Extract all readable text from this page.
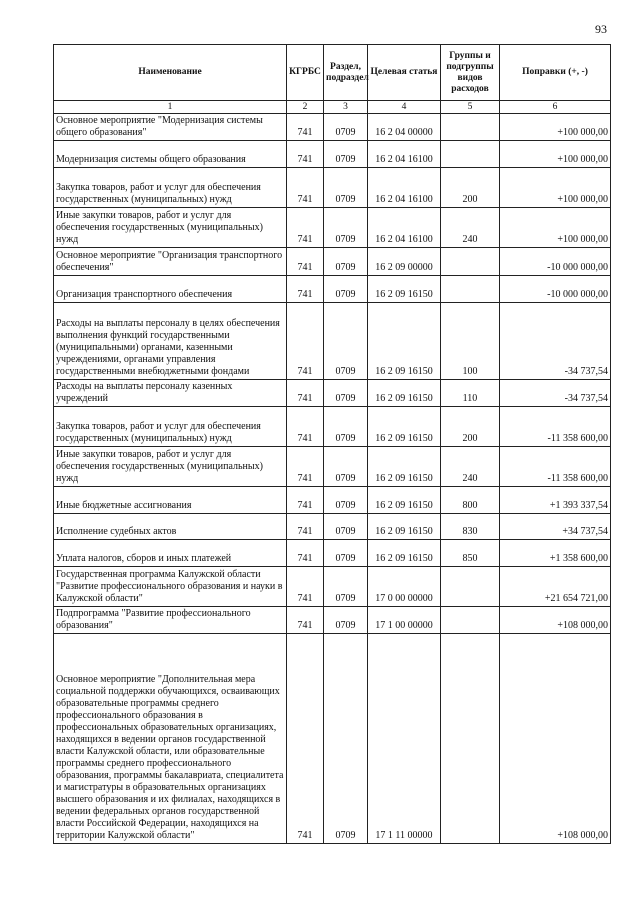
93
Наименование	КГРБС	Раздел, подраздел	Целевая статья	Группы и подгруппы видов расходов	Поправки (+, -)
1	2	3	4	5	6
Основное мероприятие "Модернизация системы общего образования"	741	0709	16 2 04 00000		+100 000,00
Модернизация системы общего образования	741	0709	16 2 04 16100		+100 000,00
Закупка товаров, работ и услуг для обеспечения государственных (муниципальных) нужд	741	0709	16 2 04 16100	200	+100 000,00
Иные закупки товаров, работ и услуг для обеспечения государственных (муниципальных) нужд	741	0709	16 2 04 16100	240	+100 000,00
Основное мероприятие "Организация транспортного обеспечения"	741	0709	16 2 09 00000		-10 000 000,00
Организация транспортного обеспечения	741	0709	16 2 09 16150		-10 000 000,00
Расходы на выплаты персоналу в целях обеспечения выполнения функций государственными (муниципальными) органами, казенными учреждениями, органами управления государственными внебюджетными фондами	741	0709	16 2 09 16150	100	-34 737,54
Расходы на выплаты персоналу казенных учреждений	741	0709	16 2 09 16150	110	-34 737,54
Закупка товаров, работ и услуг для обеспечения государственных (муниципальных) нужд	741	0709	16 2 09 16150	200	-11 358 600,00
Иные закупки товаров, работ и услуг для обеспечения государственных (муниципальных) нужд	741	0709	16 2 09 16150	240	-11 358 600,00
Иные бюджетные ассигнования	741	0709	16 2 09 16150	800	+1 393 337,54
Исполнение судебных актов	741	0709	16 2 09 16150	830	+34 737,54
Уплата налогов, сборов и иных платежей	741	0709	16 2 09 16150	850	+1 358 600,00
Государственная программа Калужской области "Развитие профессионального образования и науки в Калужской области"	741	0709	17 0 00 00000		+21 654 721,00
Подпрограмма "Развитие профессионального образования"	741	0709	17 1 00 00000		+108 000,00
Основное мероприятие "Дополнительная мера социальной поддержки обучающихся, осваивающих образовательные программы среднего профессионального образования в профессиональных образовательных организациях, находящихся в ведении органов государственной власти Калужской области, или образовательные программы среднего профессионального образования, программы бакалавриата, специалитета и магистратуры в образовательных организациях высшего образования и их филиалах, находящихся в ведении федеральных органов государственной власти Российской Федерации, находящихся на территории Калужской области"	741	0709	17 1 11 00000		+108 000,00
